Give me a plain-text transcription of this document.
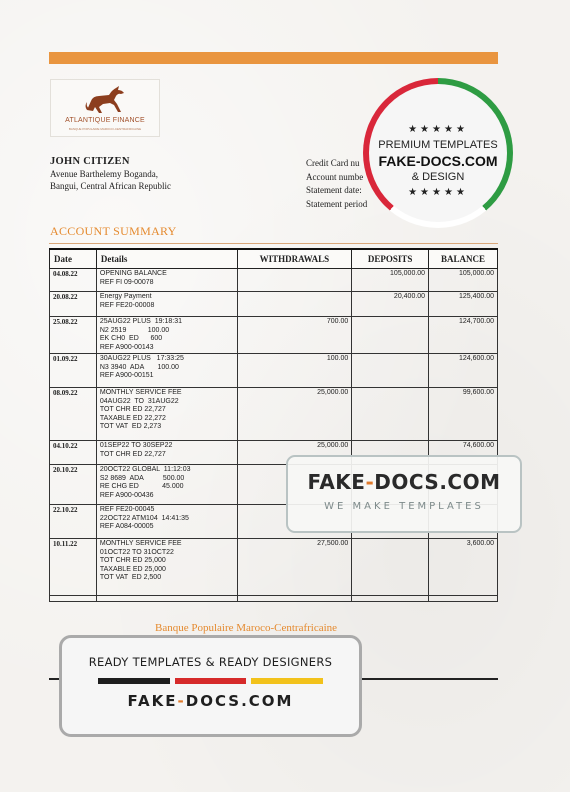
ATLANTIQUE FINANCE
BANQUE POPULAIRE MAROCO-CENTRAFRICAINE
JOHN CITIZEN
Avenue Barthelemy Boganda,
Bangui, Central African Republic
Credit Card nu
Account numbe
Statement date:
Statement period
ACCOUNT SUMMARY
Date	Details	WITHDRAWALS	DEPOSITS	BALANCE
04.08.22	OPENING BALANCE
REF FI 09-00078		105,000.00	105,000.00
20.08.22	Energy Payment
REF FE20-00008		20,400.00	125,400.00
25.08.22	25AUG22 PLUS  19:18:31
N2 2519           100.00
EK CH0  ED      600
REF A900-00143	700.00		124,700.00
01.09.22	30AUG22 PLUS   17:33:25
N3 3940  ADA       100.00
REF A900-00151	100.00		124,600.00
08.09.22	MONTHLY SERVICE FEE
04AUG22  TO  31AUG22
TOT CHR ED 22,727
TAXABLE ED 22,272
TOT VAT  ED 2,273	25,000.00		99,600.00
04.10.22	01SEP22 TO 30SEP22
TOT CHR ED 22,727	25,000.00		74,600.00
20.10.22	20OCT22 GLOBAL  11:12:03
S2 8689  ADA          500.00
RE CHG ED            45.000
REF A900-00436			

22.10.22	REF FE20-00045
22OCT22 ATM104  14:41:35
REF A084-00005			

10.11.22	MONTHLY SERVICE FEE
01OCT22 TO 31OCT22
TOT CHR ED 25,000
TAXABLE ED 25,000
TOT VAT  ED 2,500	27,500.00		3,600.00

Banque Populaire Maroco-Centrafricaine
★★★★★
PREMIUM TEMPLATES
FAKE-DOCS.COM
& DESIGN
★★★★★
FAKE-DOCS.COM
WE MAKE TEMPLATES
READY TEMPLATES & READY DESIGNERS
FAKE-DOCS.COM
